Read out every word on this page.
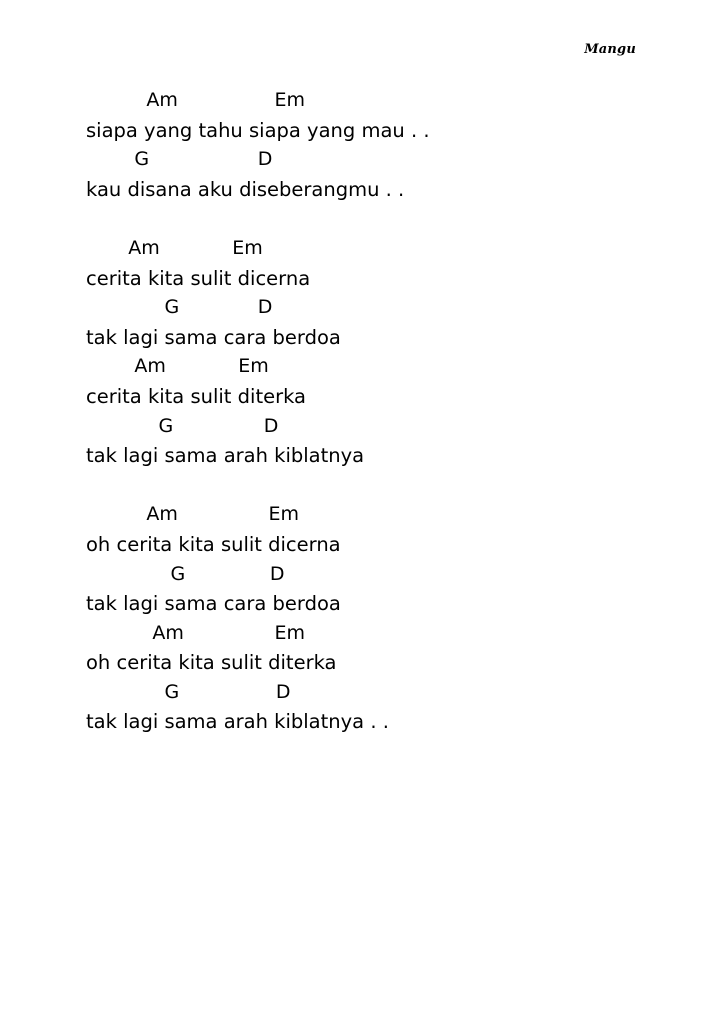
Mangu
Am                Em
siapa yang tahu siapa yang mau . .
G                  D
kau disana aku diseberangmu . .
Am            Em
cerita kita sulit dicerna
G             D
tak lagi sama cara berdoa
Am            Em
cerita kita sulit diterka
G               D
tak lagi sama arah kiblatnya
Am               Em
oh cerita kita sulit dicerna
G              D
tak lagi sama cara berdoa
Am               Em
oh cerita kita sulit diterka
G                D
tak lagi sama arah kiblatnya . .
